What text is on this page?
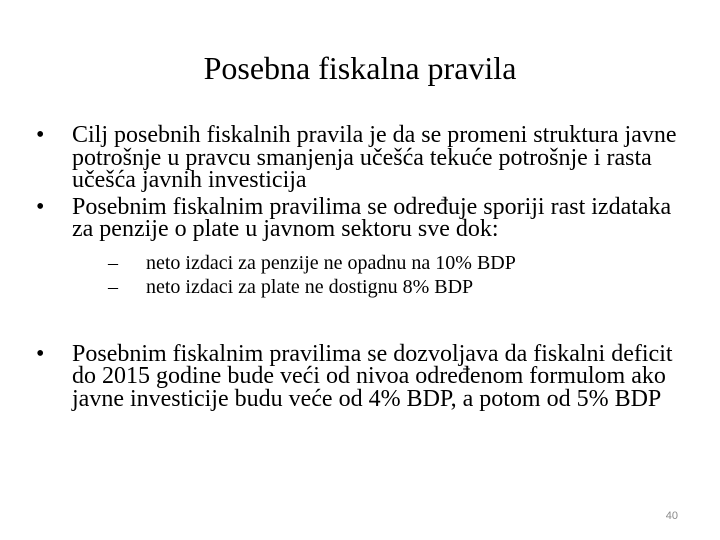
Posebna fiskalna pravila
•	Cilj posebnih fiskalnih pravila je da se promeni struktura javne potrošnje u pravcu smanjenja učešća tekuće potrošnje i rasta učešća javnih investicija
•	Posebnim fiskalnim pravilima se određuje sporiji rast izdataka za penzije o plate u javnom sektoru sve dok:
–	neto izdaci za penzije ne opadnu na 10% BDP
–	neto izdaci za plate ne dostignu 8% BDP
•	Posebnim fiskalnim pravilima se dozvoljava da fiskalni deficit do 2015 godine bude veći od nivoa određenom formulom ako javne investicije budu veće od 4% BDP, a potom od 5% BDP
40
